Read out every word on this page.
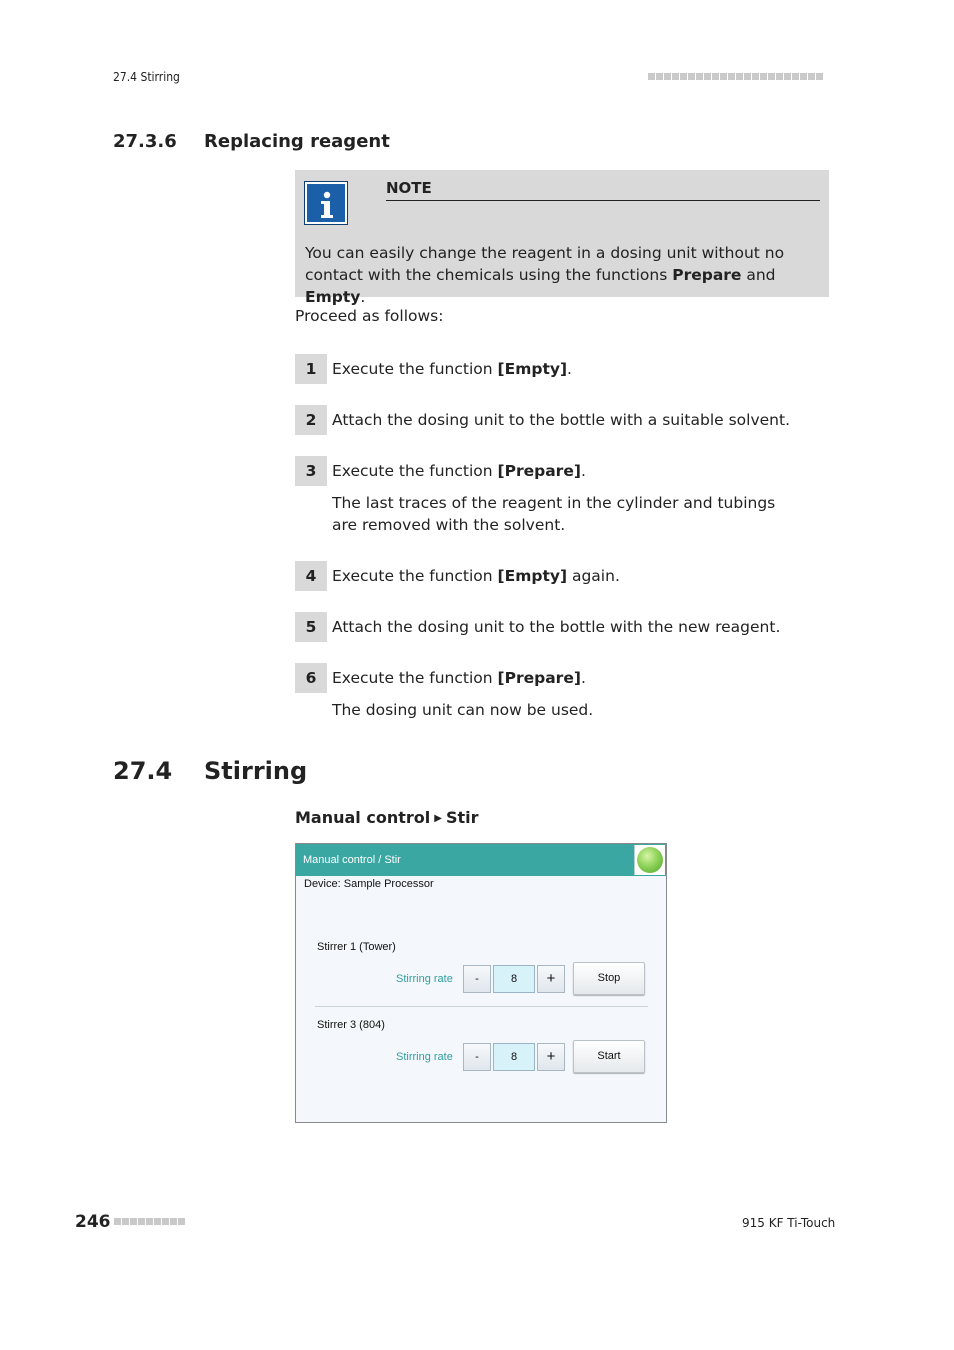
27.4 Stirring
27.3.6 Replacing reagent
NOTE
You can easily change the reagent in a dosing unit without no contact with the chemicals using the functions Prepare and Empty.
Proceed as follows:
1	Execute the function [Empty].
2	Attach the dosing unit to the bottle with a suitable solvent.
3	Execute the function [Prepare].
The last traces of the reagent in the cylinder and tubings are removed with the solvent.
4	Execute the function [Empty] again.
5	Attach the dosing unit to the bottle with the new reagent.
6	Execute the function [Prepare].
The dosing unit can now be used.
27.4 Stirring
Manual control ▶ Stir
Manual control / Stir
Device: Sample Processor
Stirrer 1 (Tower)
Stirring rate	-	8	+	Stop
Stirrer 3 (804)
Stirring rate	-	8	+	Start
246	915 KF Ti-Touch
